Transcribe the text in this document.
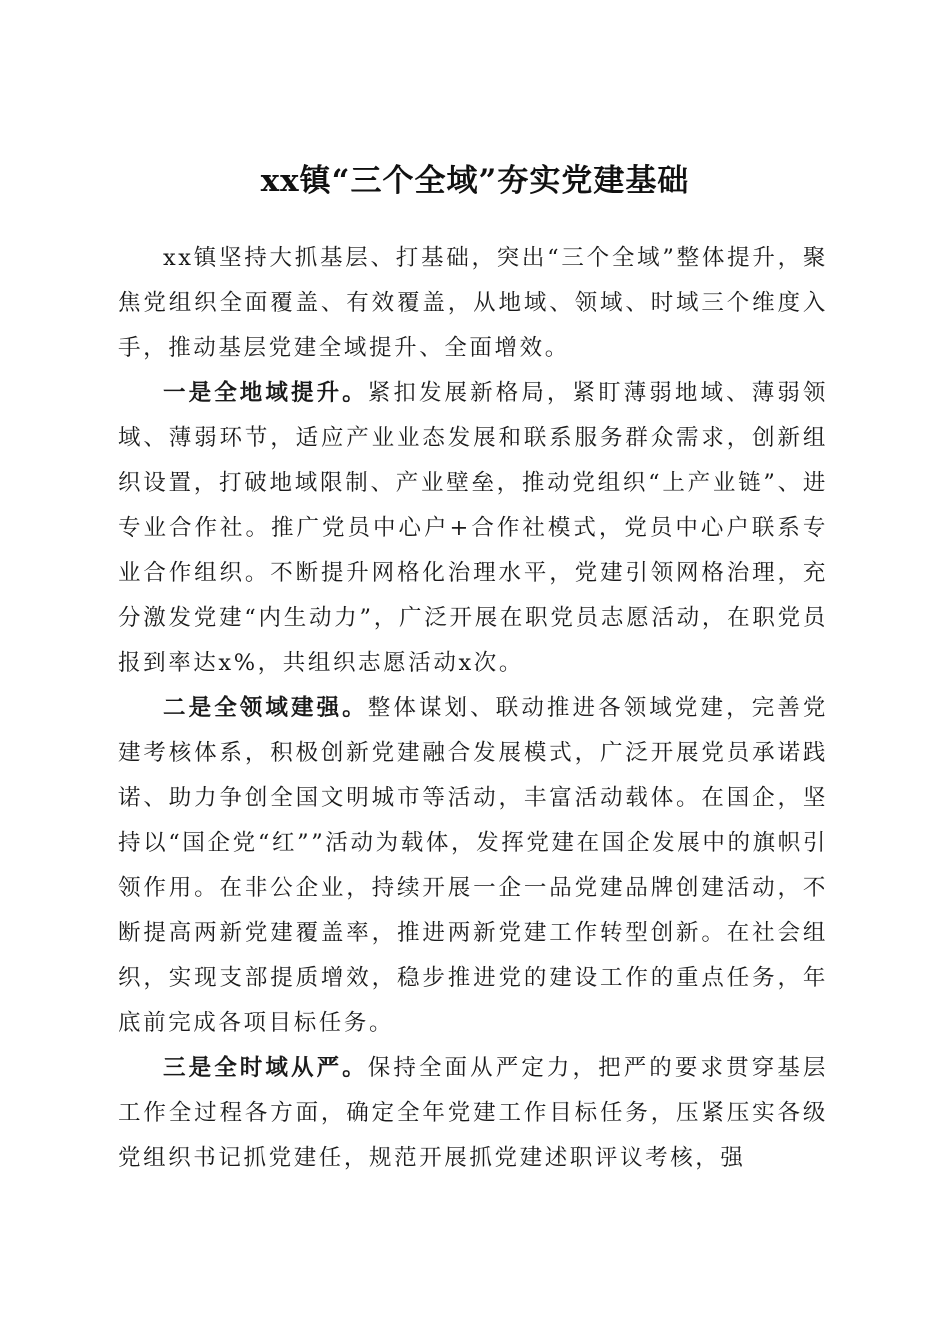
xx镇“三个全域”夯实党建基础

xx镇坚持大抓基层、打基础，突出“三个全域”整体提升，聚焦党组织全面覆盖、有效覆盖，从地域、领域、时域三个维度入手，推动基层党建全域提升、全面增效。

一是全地域提升。紧扣发展新格局，紧盯薄弱地域、薄弱领域、薄弱环节，适应产业业态发展和联系服务群众需求，创新组织设置，打破地域限制、产业壁垒，推动党组织“上产业链”、进专业合作社。推广党员中心户+合作社模式，党员中心户联系专业合作组织。不断提升网格化治理水平，党建引领网格治理，充分激发党建“内生动力”，广泛开展在职党员志愿活动，在职党员报到率达x%，共组织志愿活动x次。

二是全领域建强。整体谋划、联动推进各领域党建，完善党建考核体系，积极创新党建融合发展模式，广泛开展党员承诺践诺、助力争创全国文明城市等活动，丰富活动载体。在国企，坚持以“国企党“红””活动为载体，发挥党建在国企发展中的旗帜引领作用。在非公企业，持续开展一企一品党建品牌创建活动，不断提高两新党建覆盖率，推进两新党建工作转型创新。在社会组织，实现支部提质增效，稳步推进党的建设工作的重点任务，年底前完成各项目标任务。

三是全时域从严。保持全面从严定力，把严的要求贯穿基层工作全过程各方面，确定全年党建工作目标任务，压紧压实各级党组织书记抓党建任，规范开展抓党建述职评议考核，强
